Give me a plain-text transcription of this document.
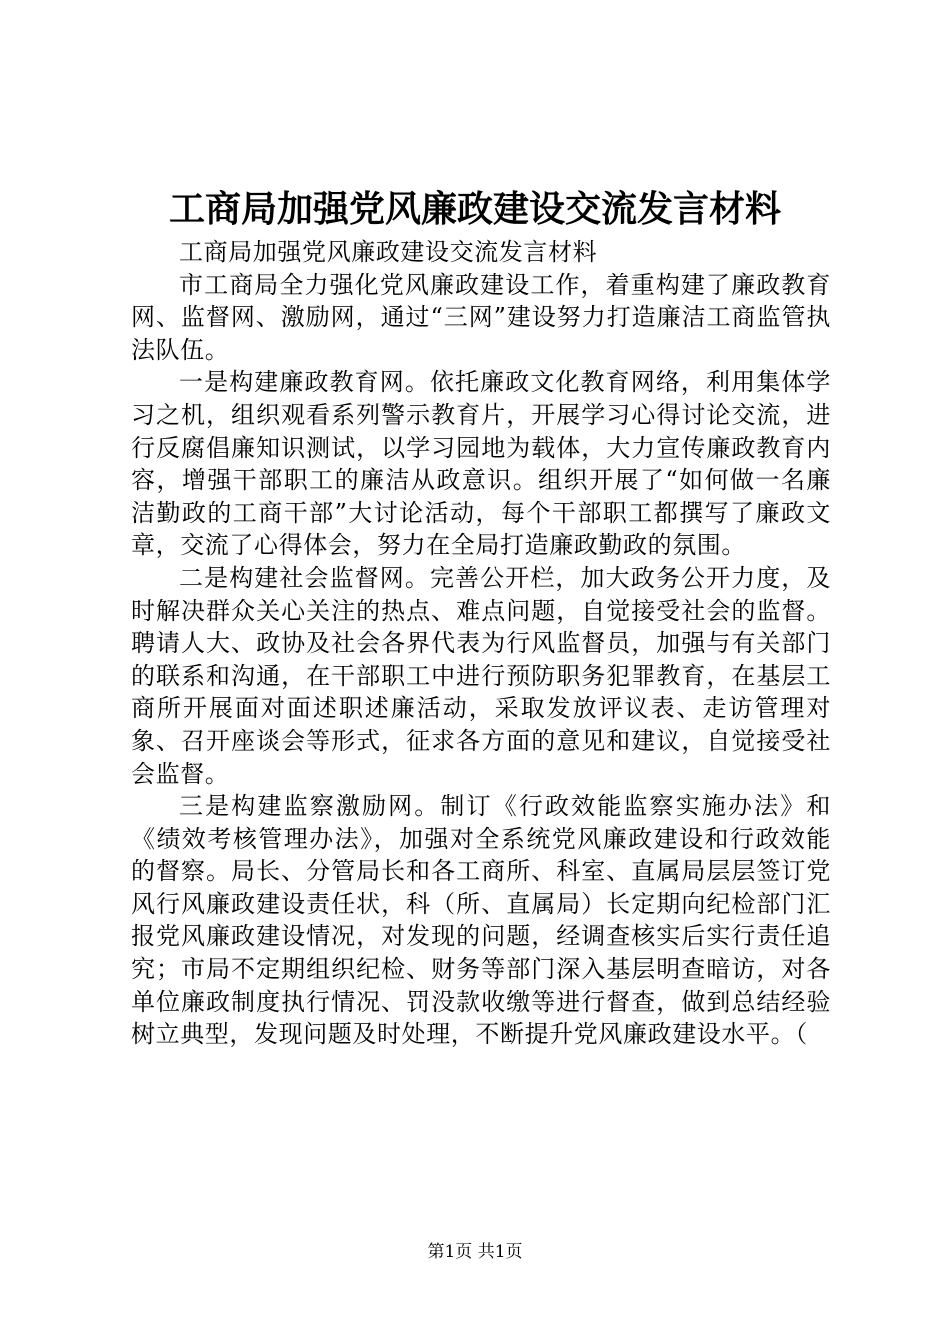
工商局加强党风廉政建设交流发言材料

工商局加强党风廉政建设交流发言材料

市工商局全力强化党风廉政建设工作，着重构建了廉政教育网、监督网、激励网，通过“三网”建设努力打造廉洁工商监管执法队伍。

一是构建廉政教育网。依托廉政文化教育网络，利用集体学习之机，组织观看系列警示教育片，开展学习心得讨论交流，进行反腐倡廉知识测试，以学习园地为载体，大力宣传廉政教育内容，增强干部职工的廉洁从政意识。组织开展了“如何做一名廉洁勤政的工商干部”大讨论活动，每个干部职工都撰写了廉政文章，交流了心得体会，努力在全局打造廉政勤政的氛围。

二是构建社会监督网。完善公开栏，加大政务公开力度，及时解决群众关心关注的热点、难点问题，自觉接受社会的监督。聘请人大、政协及社会各界代表为行风监督员，加强与有关部门的联系和沟通，在干部职工中进行预防职务犯罪教育，在基层工商所开展面对面述职述廉活动，采取发放评议表、走访管理对象、召开座谈会等形式，征求各方面的意见和建议，自觉接受社会监督。

三是构建监察激励网。制订《行政效能监察实施办法》和《绩效考核管理办法》，加强对全系统党风廉政建设和行政效能的督察。局长、分管局长和各工商所、科室、直属局层层签订党风行风廉政建设责任状，科（所、直属局）长定期向纪检部门汇报党风廉政建设情况，对发现的问题，经调查核实后实行责任追究；市局不定期组织纪检、财务等部门深入基层明查暗访，对各单位廉政制度执行情况、罚没款收缴等进行督查，做到总结经验树立典型，发现问题及时处理，不断提升党风廉政建设水平。（

第1页 共1页
